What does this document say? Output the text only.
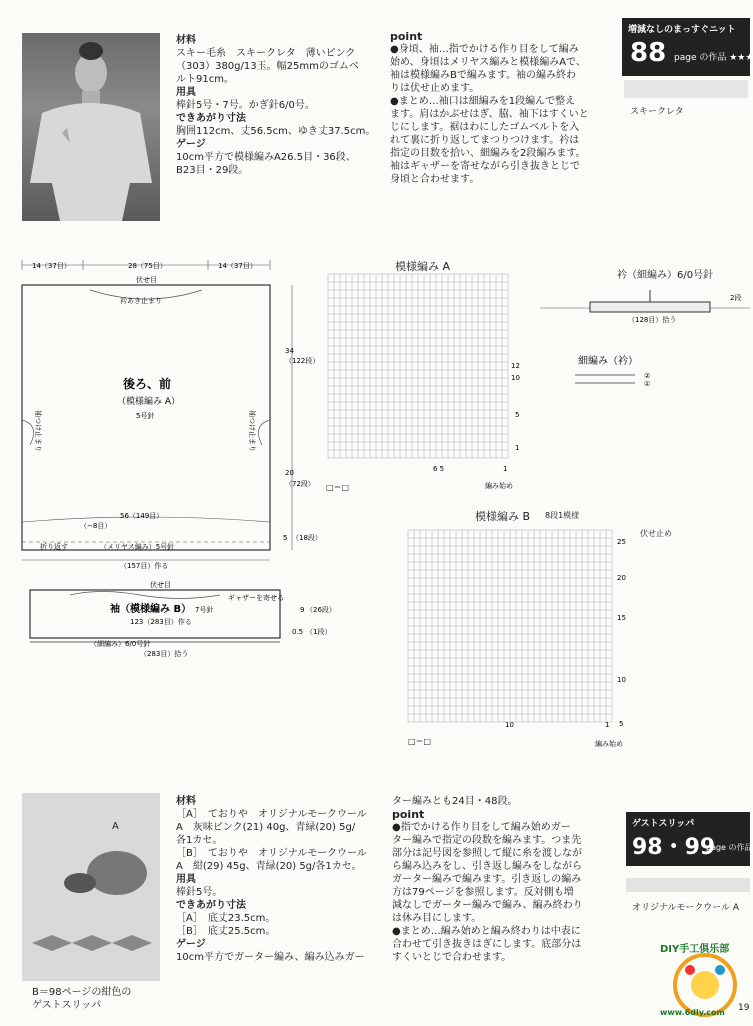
材料
スキー毛糸　スキークレタ　薄いピンク
（303）380g/13玉。幅25mmのゴムベ
ルト91cm。
用具
棒針5号・7号。かぎ針6/0号。
できあがり寸法
胸囲112cm、丈56.5cm、ゆき丈37.5cm。
ゲージ
10cm平方で模様編みA26.5目・36段、
B23目・29段。
point
●身頃、袖…指でかける作り目をして編み
始め、身頃はメリヤス編みと模様編みAで、
袖は模様編みBで編みます。袖の編み終わ
りは伏せ止めます。
●まとめ…袖口は細編みを1段編んで整え
ます。肩はかぶせはぎ、脇、袖下はすくいと
じにします。裾はわにしたゴムベルトを入
れて裏に折り返してまつりつけます。衿は
指定の目数を拾い、細編みを2段編みます。
袖はギャザーを寄せながら引き抜きとじで
身頃と合わせます。
増減なしのまっすぐニット
88 page の作品 ★★★
スキークレタ
14（37目）	28（75目）	14（37目）
伏せ目
衿あき止まり
後ろ、前
（模様編み A）
5号針
袖つけ止まり	袖つけ止まり
34
（122段）
20
（72段）
5 （18段）
56（149目）
（−8目）
折り返す	（メリヤス編み）5号針
（157目）作る
伏せ目
ギャザーを寄せる
袖（模様編み B） 7号針
123（283目）作る
9 （26段）
0.5 （1段）
（細編み）6/0号針
（283目）拾う
模様編み A
6 5	1
1
5
10
12
編み始め
□＝□
衿（細編み）6/0号針
2段
（128目）拾う
細編み（衿）
②
①
模様編み B 8段1模様
伏せ止め
5
10
15
20
25
10	1
編み始め
□＝□
A
B＝98ページの紺色の
ゲストスリッパ
材料
［A］　ておりや　オリジナルモークウール
A　灰味ピンク(21) 40g、青緑(20) 5g/
各1カセ。
［B］　ておりや　オリジナルモークウール
A　紺(29) 45g、青緑(20) 5g/各1カセ。
用具
棒針5号。
できあがり寸法
［A］　底丈23.5cm。
［B］　底丈25.5cm。
ゲージ
10cm平方でガーター編み、編み込みガー
ター編みとも24目・48段。
point
●指でかける作り目をして編み始めガー
ター編みで指定の段数を編みます。つま先
部分は記号図を参照して縦に糸を渡しなが
ら編み込みをし、引き返し編みをしながら
ガーター編みで編みます。引き返しの編み
方は79ページを参照します。反対側も増
減なしでガーター編みで編み、編み終わり
は休み目にします。
●まとめ…編み始めと編み終わりは中表に
合わせて引き抜きはぎにします。底部分は
すくいとじで合わせます。
ゲストスリッパ
98・99
page の作品
オリジナルモークウール A
DIY手工俱乐部
www.6dly.com 19
